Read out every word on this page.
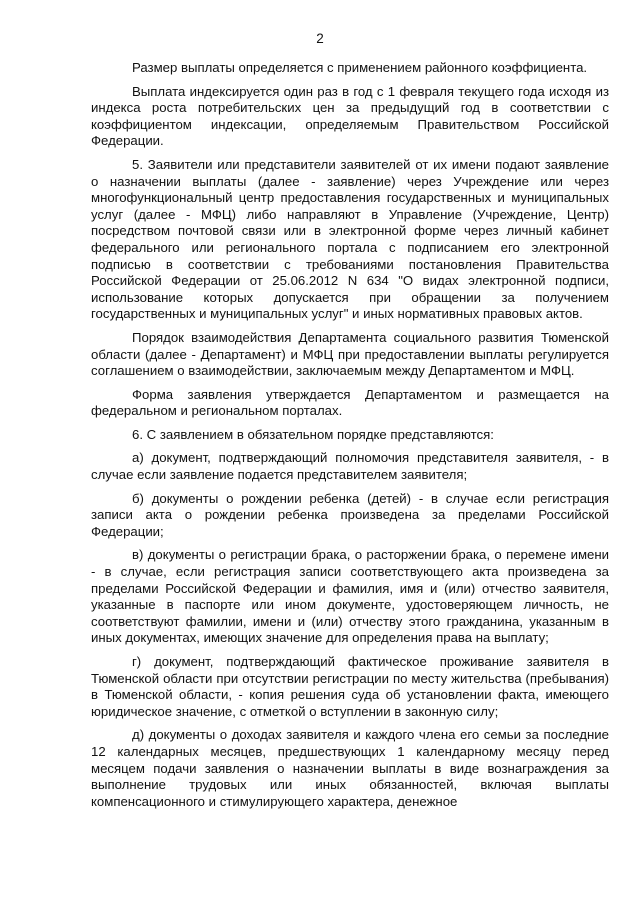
2

Размер выплаты определяется с применением районного коэффициента.

Выплата индексируется один раз в год с 1 февраля текущего года исходя из индекса роста потребительских цен за предыдущий год в соответствии с коэффициентом индексации, определяемым Правительством Российской Федерации.

5. Заявители или представители заявителей от их имени подают заявление о назначении выплаты (далее - заявление) через Учреждение или через многофункциональный центр предоставления государственных и муниципальных услуг (далее - МФЦ) либо направляют в Управление (Учреждение, Центр) посредством почтовой связи или в электронной форме через личный кабинет федерального или регионального портала с подписанием его электронной подписью в соответствии с требованиями постановления Правительства Российской Федерации от 25.06.2012 N 634 "О видах электронной подписи, использование которых допускается при обращении за получением государственных и муниципальных услуг" и иных нормативных правовых актов.

Порядок взаимодействия Департамента социального развития Тюменской области (далее - Департамент) и МФЦ при предоставлении выплаты регулируется соглашением о взаимодействии, заключаемым между Департаментом и МФЦ.

Форма заявления утверждается Департаментом и размещается на федеральном и региональном порталах.

6. С заявлением в обязательном порядке представляются:

а) документ, подтверждающий полномочия представителя заявителя, - в случае если заявление подается представителем заявителя;

б) документы о рождении ребенка (детей) - в случае если регистрация записи акта о рождении ребенка произведена за пределами Российской Федерации;

в) документы о регистрации брака, о расторжении брака, о перемене имени - в случае, если регистрация записи соответствующего акта произведена за пределами Российской Федерации и фамилия, имя и (или) отчество заявителя, указанные в паспорте или ином документе, удостоверяющем личность, не соответствуют фамилии, имени и (или) отчеству этого гражданина, указанным в иных документах, имеющих значение для определения права на выплату;

г) документ, подтверждающий фактическое проживание заявителя в Тюменской области при отсутствии регистрации по месту жительства (пребывания) в Тюменской области, - копия решения суда об установлении факта, имеющего юридическое значение, с отметкой о вступлении в законную силу;

д) документы о доходах заявителя и каждого члена его семьи за последние 12 календарных месяцев, предшествующих 1 календарному месяцу перед месяцем подачи заявления о назначении выплаты в виде вознаграждения за выполнение трудовых или иных обязанностей, включая выплаты компенсационного и стимулирующего характера, денежное
